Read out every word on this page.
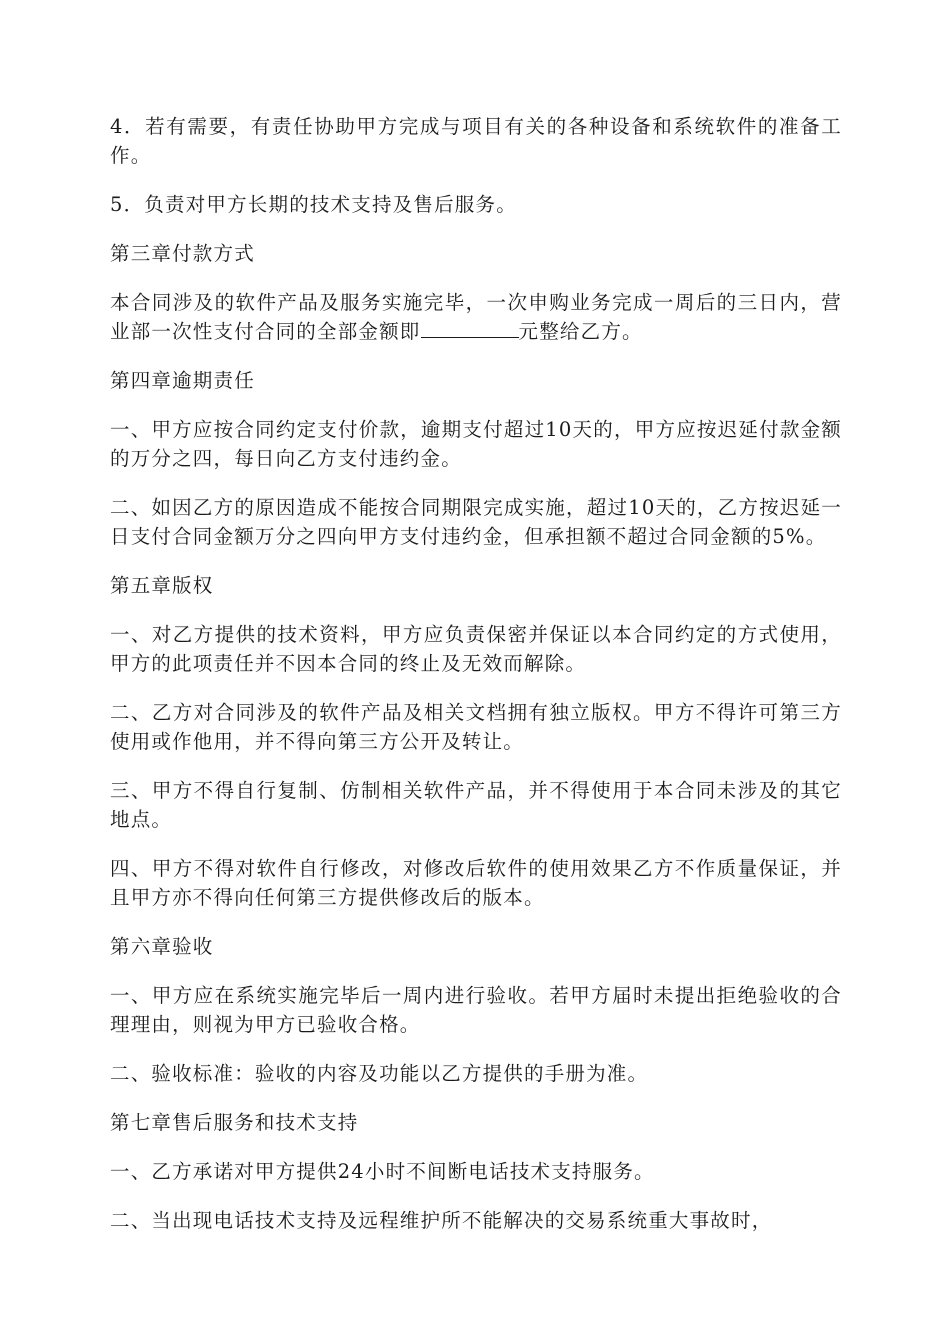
4．若有需要，有责任协助甲方完成与项目有关的各种设备和系统软件的准备工作。

5．负责对甲方长期的技术支持及售后服务。

第三章付款方式

本合同涉及的软件产品及服务实施完毕，一次申购业务完成一周后的三日内，营业部一次性支付合同的全部金额即	元整给乙方。

第四章逾期责任

一、甲方应按合同约定支付价款，逾期支付超过10天的，甲方应按迟延付款金额的万分之四，每日向乙方支付违约金。

二、如因乙方的原因造成不能按合同期限完成实施，超过10天的，乙方按迟延一日支付合同金额万分之四向甲方支付违约金，但承担额不超过合同金额的5%。

第五章版权

一、对乙方提供的技术资料，甲方应负责保密并保证以本合同约定的方式使用，甲方的此项责任并不因本合同的终止及无效而解除。

二、乙方对合同涉及的软件产品及相关文档拥有独立版权。甲方不得许可第三方使用或作他用，并不得向第三方公开及转让。

三、甲方不得自行复制、仿制相关软件产品，并不得使用于本合同未涉及的其它地点。

四、甲方不得对软件自行修改，对修改后软件的使用效果乙方不作质量保证，并且甲方亦不得向任何第三方提供修改后的版本。

第六章验收

一、甲方应在系统实施完毕后一周内进行验收。若甲方届时未提出拒绝验收的合理理由，则视为甲方已验收合格。

二、验收标准：验收的内容及功能以乙方提供的手册为准。

第七章售后服务和技术支持

一、乙方承诺对甲方提供24小时不间断电话技术支持服务。

二、当出现电话技术支持及远程维护所不能解决的交易系统重大事故时，
